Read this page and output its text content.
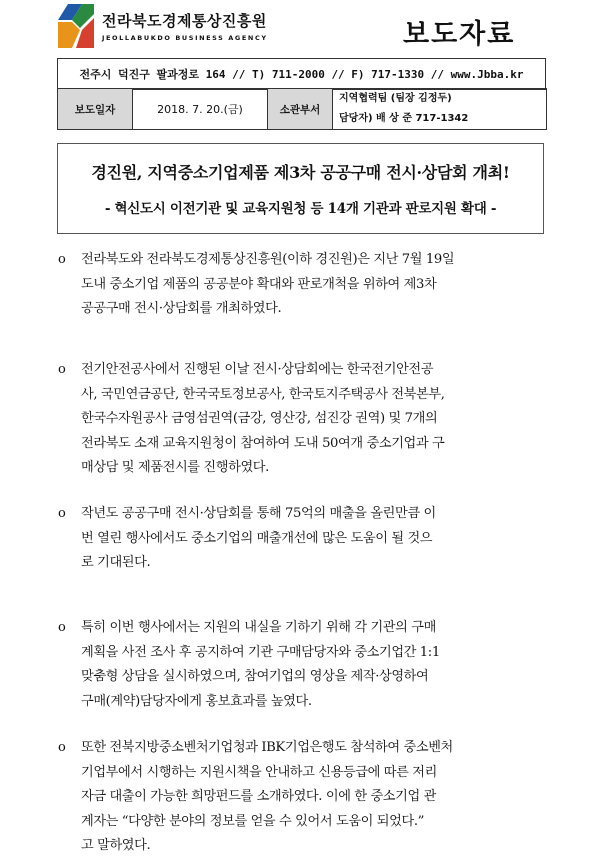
전라북도경제통상진흥원
JEOLLABUKDO BUSINESS AGENCY	보도자료
전주시 덕진구 팔과정로 164 // T) 711-2000 // F) 717-1330 // www.Jbba.kr
보도일자	2018. 7. 20.(금)	소관부서	
지역협력팀 (팀장 김정두)
담당자) 배 상 준 717-1342
경진원, 지역중소기업제품 제3차 공공구매 전시·상담회 개최!
- 혁신도시 이전기관 및 교육지원청 등 14개 기관과 판로지원 확대 -
o 전라북도와 전라북도경제통상진흥원(이하 경진원)은 지난 7월 19일
도내 중소기업 제품의 공공분야 확대와 판로개척을 위하여 제3차
공공구매 전시·상담회를 개최하였다.
o 전기안전공사에서 진행된 이날 전시·상담회에는 한국전기안전공
사, 국민연금공단, 한국국토정보공사, 한국토지주택공사 전북본부,
한국수자원공사 금영섬권역(금강, 영산강, 섬진강 권역) 및 7개의
전라북도 소재 교육지원청이 참여하여 도내 50여개 중소기업과 구
매상담 및 제품전시를 진행하였다.
o 작년도 공공구매 전시·상담회를 통해 75억의 매출을 올린만큼 이
번 열린 행사에서도 중소기업의 매출개선에 많은 도움이 될 것으
로 기대된다.
o 특히 이번 행사에서는 지원의 내실을 기하기 위해 각 기관의 구매
계획을 사전 조사 후 공지하여 기관 구매담당자와 중소기업간 1:1
맞춤형 상담을 실시하였으며, 참여기업의 영상을 제작·상영하여
구매(계약)담당자에게 홍보효과를 높였다.
o 또한 전북지방중소벤처기업청과 IBK기업은행도 참석하여 중소벤처
기업부에서 시행하는 지원시책을 안내하고 신용등급에 따른 저리
자금 대출이 가능한 희망펀드를 소개하였다. 이에 한 중소기업 관
계자는 “다양한 분야의 정보를 얻을 수 있어서 도움이 되었다.”
고 말하였다.
